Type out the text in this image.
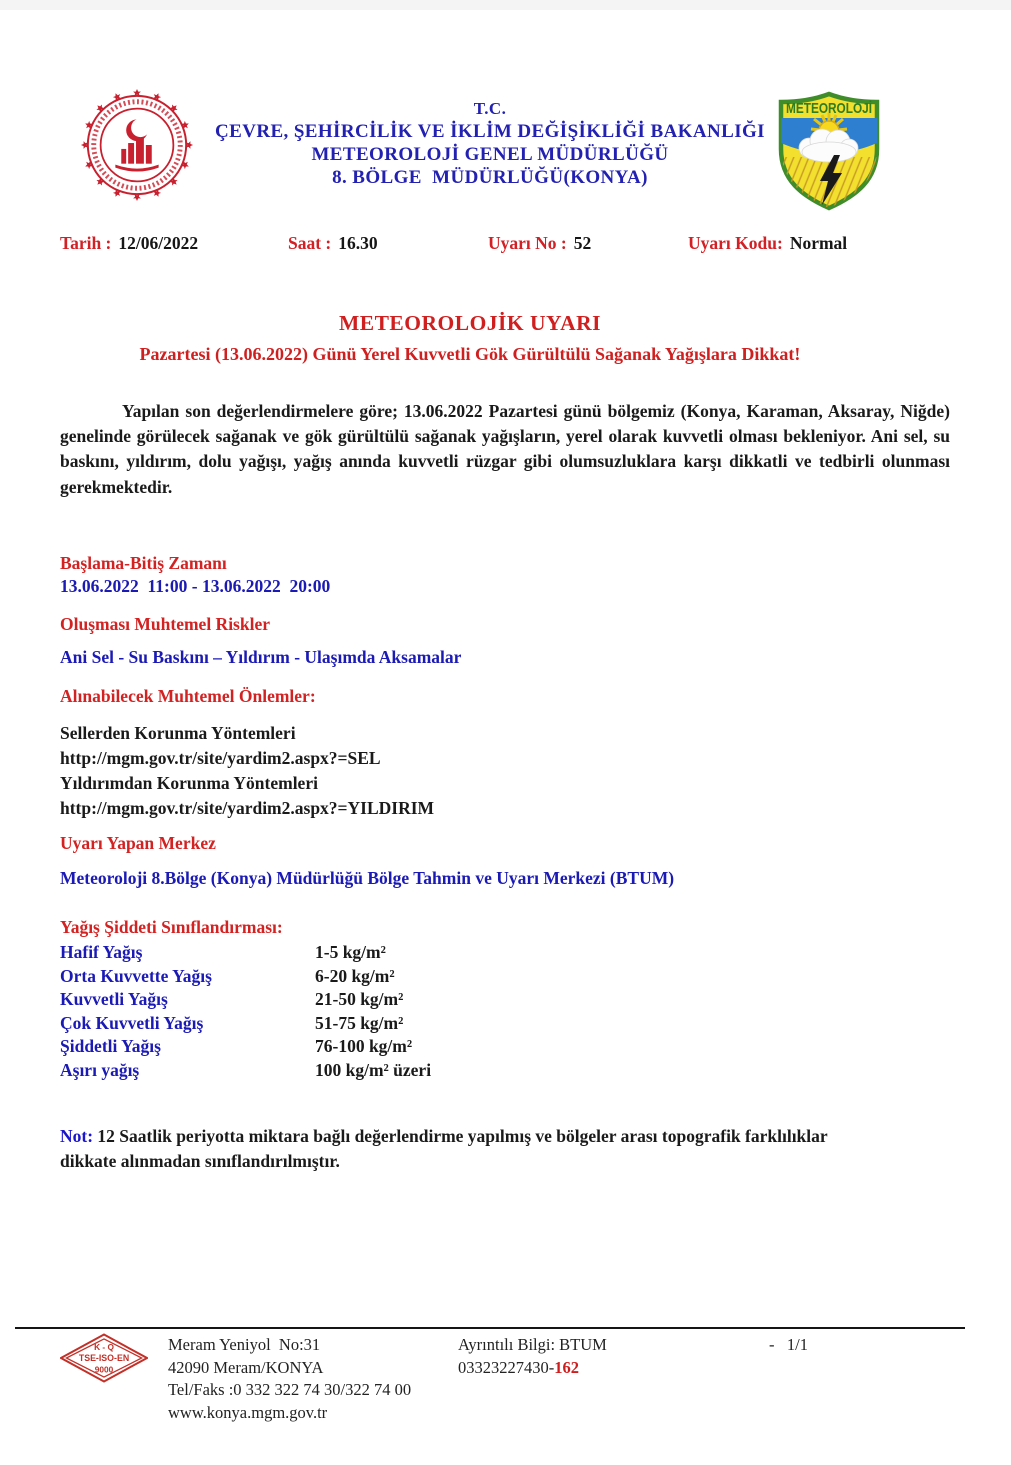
T.C.
ÇEVRE, ŞEHİRCİLİK VE İKLİM DEĞİŞİKLİĞİ BAKANLIĞI
METEOROLOJİ GENEL MÜDÜRLÜĞÜ
8. BÖLGE  MÜDÜRLÜĞÜ(KONYA)
METEOROLOJİ
Tarih : 12/06/2022	Saat : 16.30	Uyarı No : 52	Uyarı Kodu: Normal
METEOROLOJİK UYARI
Pazartesi (13.06.2022) Günü Yerel Kuvvetli Gök Gürültülü Sağanak Yağışlara Dikkat!

Yapılan son değerlendirmelere göre; 13.06.2022 Pazartesi günü bölgemiz (Konya, Karaman, Aksaray, Niğde) genelinde görülecek sağanak ve gök gürültülü sağanak yağışların, yerel olarak kuvvetli olması bekleniyor. Ani sel, su baskını, yıldırım, dolu yağışı, yağış anında kuvvetli rüzgar gibi olumsuzluklara karşı dikkatli ve tedbirli olunması gerekmektedir.

Başlama-Bitiş Zamanı
13.06.2022  11:00 - 13.06.2022  20:00
Oluşması Muhtemel Riskler
Ani Sel - Su Baskını – Yıldırım - Ulaşımda Aksamalar
Alınabilecek Muhtemel Önlemler:
Sellerden Korunma Yöntemleri
http://mgm.gov.tr/site/yardim2.aspx?=SEL
Yıldırımdan Korunma Yöntemleri
http://mgm.gov.tr/site/yardim2.aspx?=YILDIRIM
Uyarı Yapan Merkez
Meteoroloji 8.Bölge (Konya) Müdürlüğü Bölge Tahmin ve Uyarı Merkezi (BTUM)
Yağış Şiddeti Sınıflandırması:
Hafif Yağış	1-5 kg/m²
Orta Kuvvette Yağış	6-20 kg/m²
Kuvvetli Yağış	21-50 kg/m²
Çok Kuvvetli Yağış	51-75 kg/m²
Şiddetli Yağış	76-100 kg/m²
Aşırı yağış	100 kg/m² üzeri

Not: 12 Saatlik periyotta miktara bağlı değerlendirme yapılmış ve bölgeler arası topografik farklılıklar dikkate alınmadan sınıflandırılmıştır.

K - Q
TSE-ISO-EN
9000
Meram Yeniyol  No:31
42090 Meram/KONYA
Tel/Faks :0 332 322 74 30/322 74 00
www.konya.mgm.gov.tr
Ayrıntılı Bilgi: BTUM
03323227430-162
-   1/1
